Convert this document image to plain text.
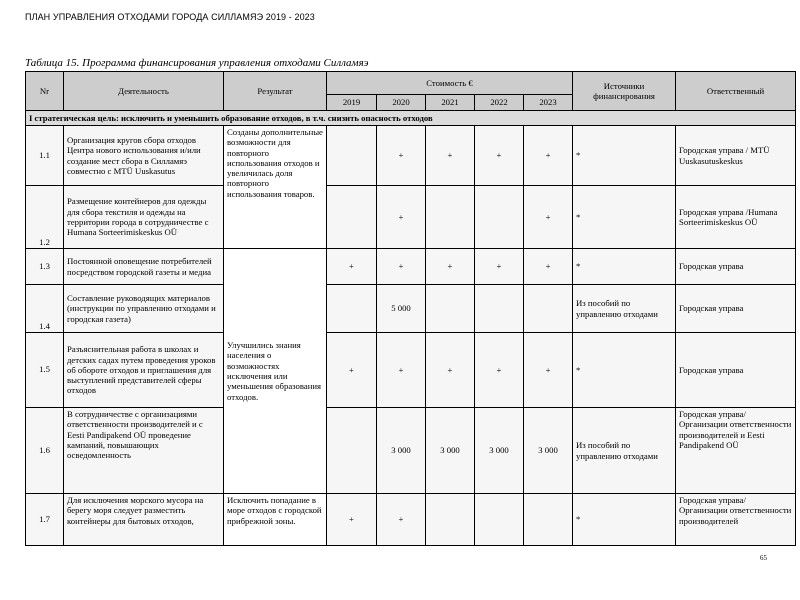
ПЛАН УПРАВЛЕНИЯ ОТХОДАМИ ГОРОДА СИЛЛАМЯЭ 2019 - 2023
Таблица 15. Программа финансирования управления отходами Силламяэ
Nr	Деятельность	Результат	Стоимость €					Источники финансирования	Ответственный
			2019	2020	2021	2022	2023		
I стратегическая цель: исключить и уменьшить образование отходов, в т.ч. снизить опасность отходов									
1.1	Организация кругов сбора отходов Центра нового использования и/или создание мест сбора в Силламяэ совместно с MTÜ Uuskasutus	Созданы дополнительные возможности для повторного использования отходов и увеличилась доля повторного использования товаров.		+	+	+	+	*	Городская управа / MTÜ Uuskasutuskeskus
1.2	Размещение контейнеров для одежды для сбора текстиля и одежды на территории города в сотрудничестве с Humana Sorteerimiskeskus OÜ			+			+	*	Городская управа /Humana Sorteerimiskeskus OÜ
1.3	Постоянной оповещение потребителей посредством городской газеты и медиа	Улучшились знания населения о возможностях исключения или уменьшения образования отходов.	+	+	+	+	+	*	Городская управа
1.4	Составление руководящих материалов (инструкции по управлению отходами и городская газета)			5 000				Из пособий по управлению отходами	Городская управа
1.5	Разъяснительная работа в школах и детских садах путем проведения уроков об обороте отходов и приглашения для выступлений представителей сферы отходов		+	+	+	+	+	*	Городская управа
1.6	В сотрудничестве с организациями ответственности производителей и с Eesti Pandipakend OÜ проведение кампаний, повышающих осведомленность			3 000	3 000	3 000	3 000	Из пособий по управлению отходами	Городская управа/Организации ответственности производителей и Eesti Pandipakend OÜ
1.7	Для исключения морского мусора на берегу моря следует разместить контейнеры для бытовых отходов,	Исключить попадание в море отходов с городской прибрежной зоны.	+	+				*	Городская управа/Организации ответственности производителей
65
